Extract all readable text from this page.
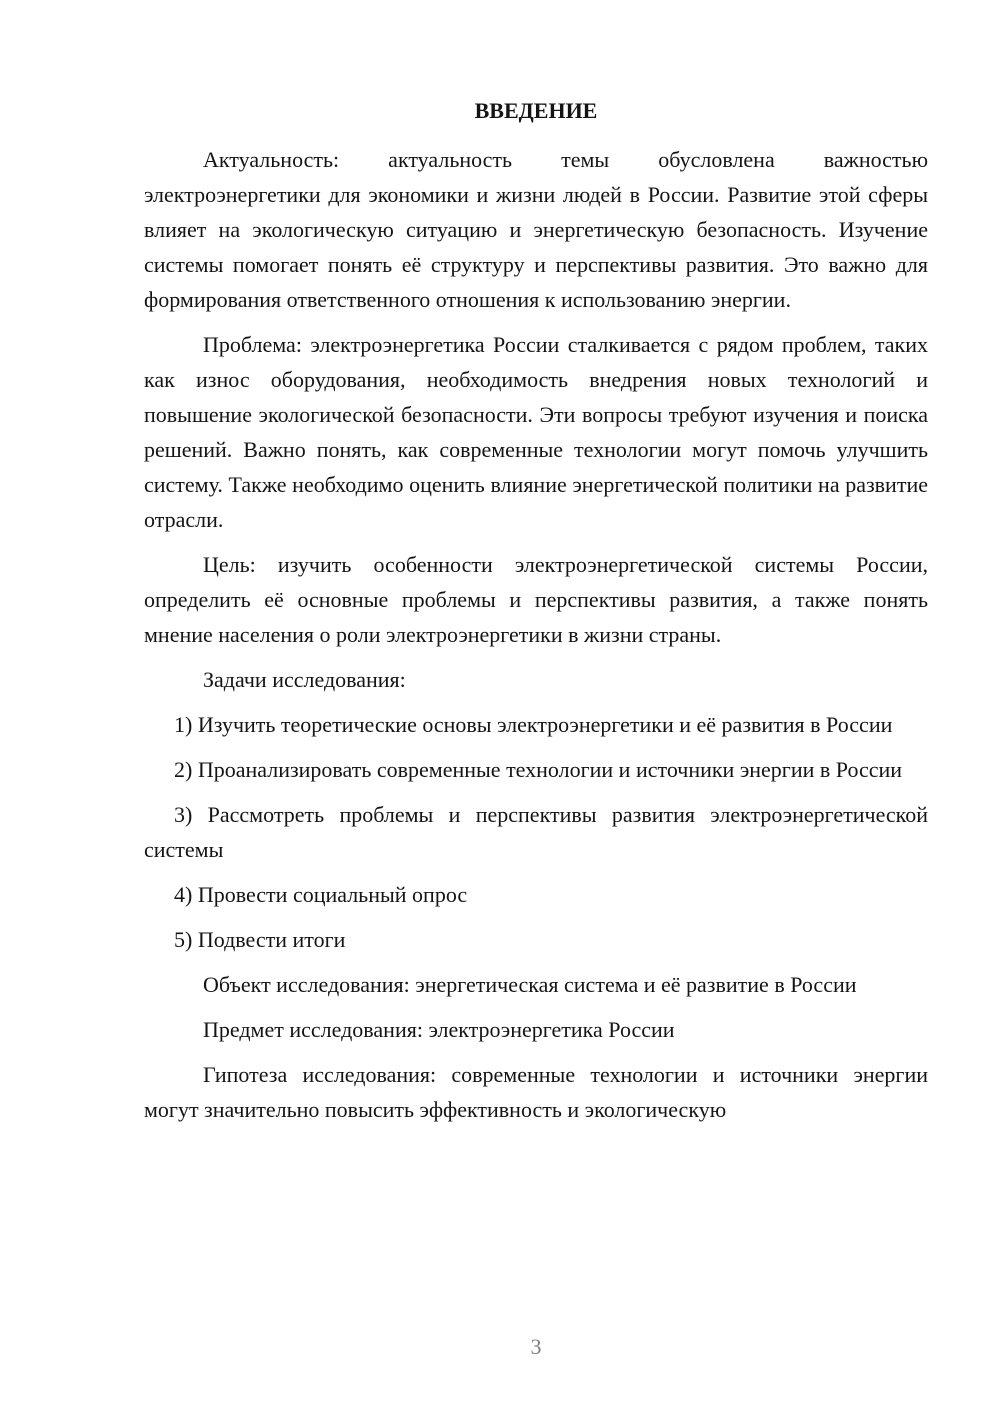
ВВЕДЕНИЕ

Актуальность: актуальность темы обусловлена важностью электроэнергетики для экономики и жизни людей в России. Развитие этой сферы влияет на экологическую ситуацию и энергетическую безопасность. Изучение системы помогает понять её структуру и перспективы развития. Это важно для формирования ответственного отношения к использованию энергии.

Проблема: электроэнергетика России сталкивается с рядом проблем, таких как износ оборудования, необходимость внедрения новых технологий и повышение экологической безопасности. Эти вопросы требуют изучения и поиска решений. Важно понять, как современные технологии могут помочь улучшить систему. Также необходимо оценить влияние энергетической политики на развитие отрасли.

Цель: изучить особенности электроэнергетической системы России, определить её основные проблемы и перспективы развития, а также понять мнение населения о роли электроэнергетики в жизни страны.

Задачи исследования:

1) Изучить теоретические основы электроэнергетики и её развития в России

2) Проанализировать современные технологии и источники энергии в России

3) Рассмотреть проблемы и перспективы развития электроэнергетической системы

4) Провести социальный опрос

5) Подвести итоги

Объект исследования: энергетическая система и её развитие в России

Предмет исследования: электроэнергетика России

Гипотеза исследования: современные технологии и источники энергии могут значительно повысить эффективность и экологическую

3
